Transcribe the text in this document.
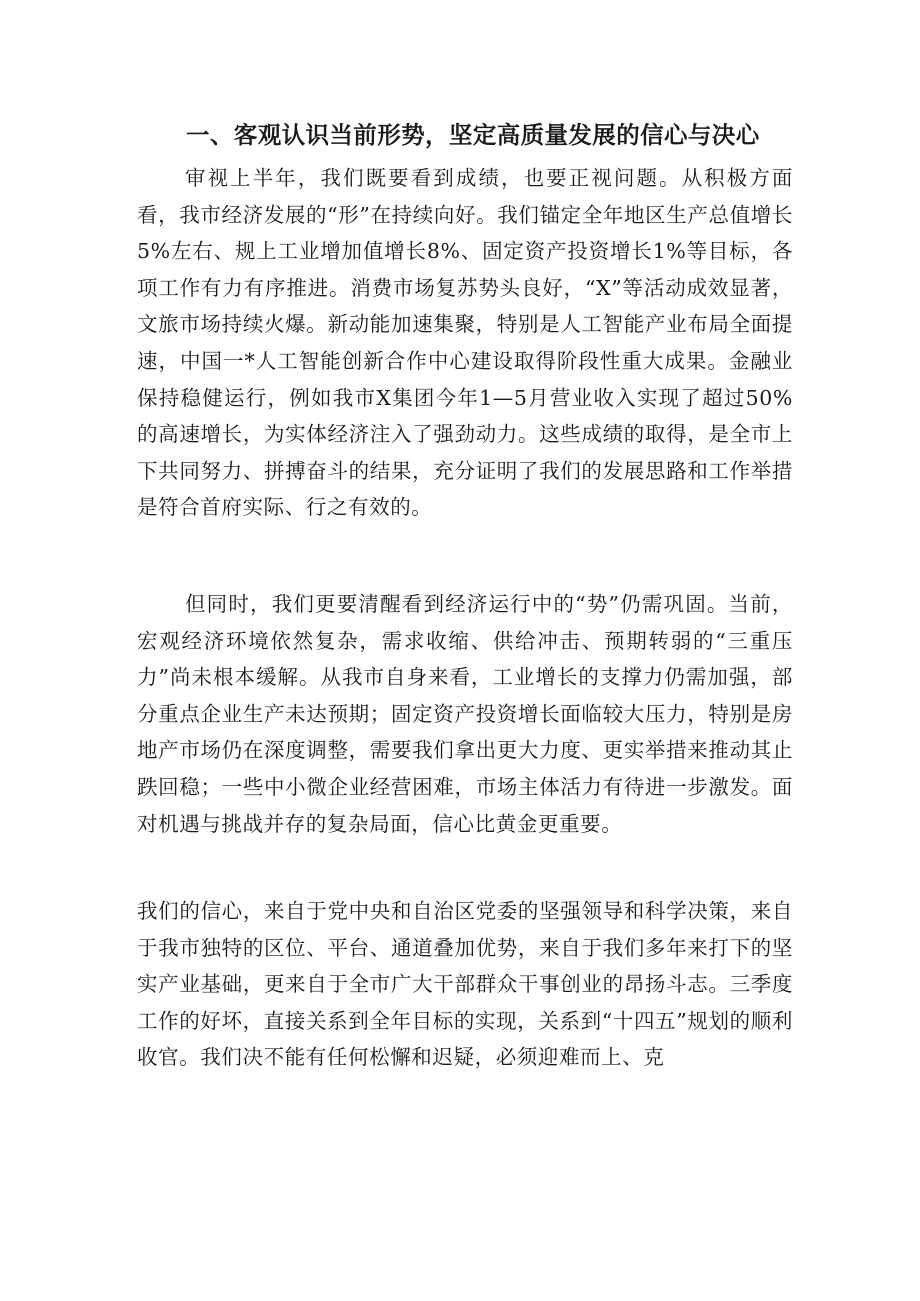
一、客观认识当前形势，坚定高质量发展的信心与决心

审视上半年，我们既要看到成绩，也要正视问题。从积极方面看，我市经济发展的“形”在持续向好。我们锚定全年地区生产总值增长5%左右、规上工业增加值增长8%、固定资产投资增长1%等目标，各项工作有力有序推进。消费市场复苏势头良好，“X”等活动成效显著，文旅市场持续火爆。新动能加速集聚，特别是人工智能产业布局全面提速，中国一*人工智能创新合作中心建设取得阶段性重大成果。金融业保持稳健运行，例如我市X集团今年1—5月营业收入实现了超过50%的高速增长，为实体经济注入了强劲动力。这些成绩的取得，是全市上下共同努力、拼搏奋斗的结果，充分证明了我们的发展思路和工作举措是符合首府实际、行之有效的。

但同时，我们更要清醒看到经济运行中的“势”仍需巩固。当前，宏观经济环境依然复杂，需求收缩、供给冲击、预期转弱的“三重压力”尚未根本缓解。从我市自身来看，工业增长的支撑力仍需加强，部分重点企业生产未达预期；固定资产投资增长面临较大压力，特别是房地产市场仍在深度调整，需要我们拿出更大力度、更实举措来推动其止跌回稳；一些中小微企业经营困难，市场主体活力有待进一步激发。面对机遇与挑战并存的复杂局面，信心比黄金更重要。

我们的信心，来自于党中央和自治区党委的坚强领导和科学决策，来自于我市独特的区位、平台、通道叠加优势，来自于我们多年来打下的坚实产业基础，更来自于全市广大干部群众干事创业的昂扬斗志。三季度工作的好坏，直接关系到全年目标的实现，关系到“十四五”规划的顺利收官。我们决不能有任何松懈和迟疑，必须迎难而上、克
